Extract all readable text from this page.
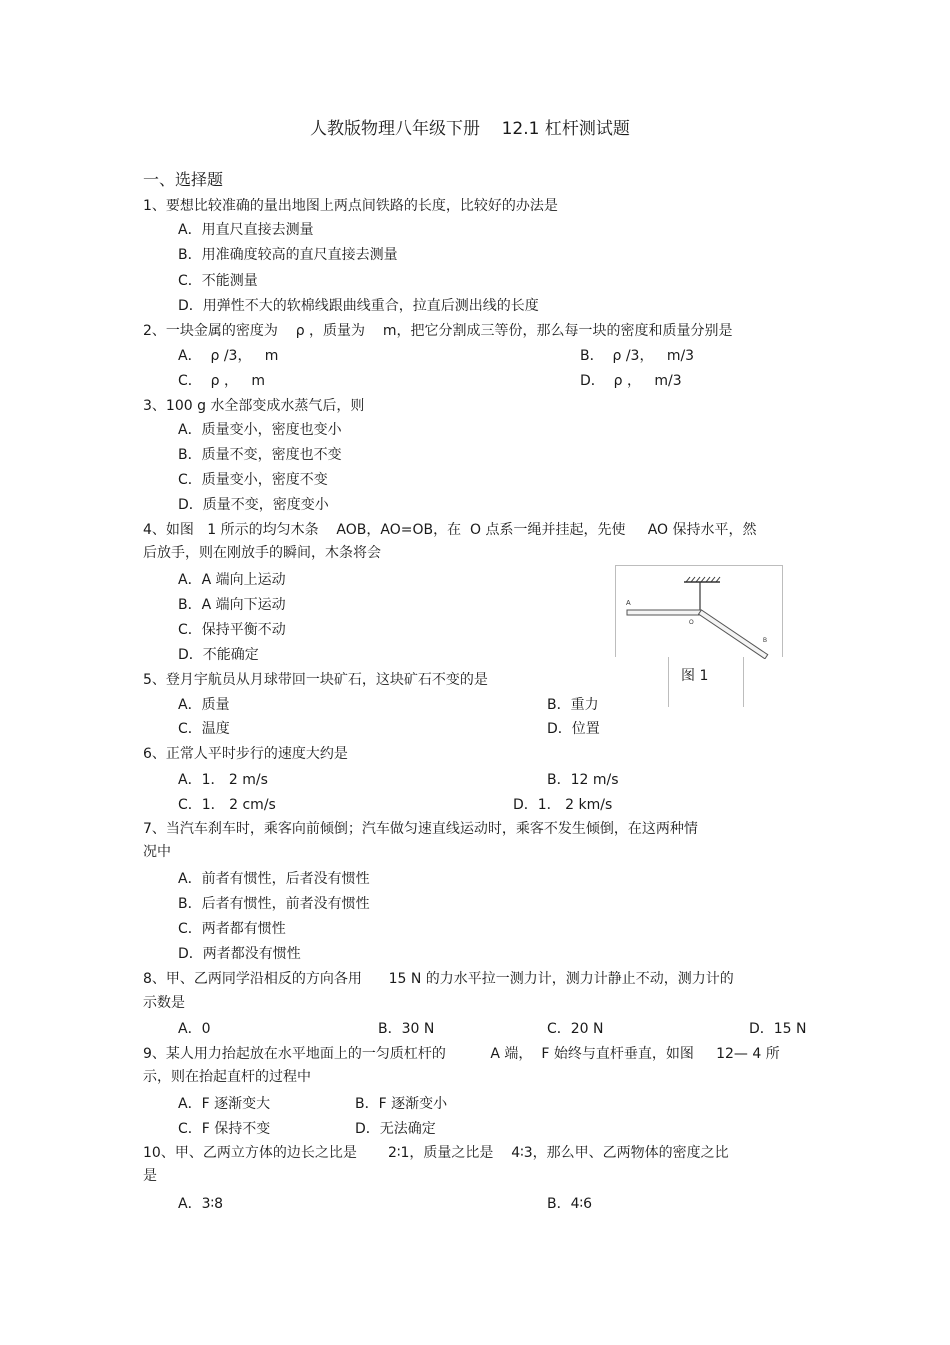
人教版物理八年级下册    12.1 杠杆测试题
一、选择题
1、要想比较准确的量出地图上两点间铁路的长度，比较好的办法是
A．用直尺直接去测量
B．用准确度较高的直尺直接去测量
C．不能测量
D．用弹性不大的软棉线跟曲线重合，拉直后测出线的长度
2、一块金属的密度为    ρ ，质量为    m，把它分割成三等份，那么每一块的密度和质量分别是
A．  ρ /3，   m	B．  ρ /3，   m/3
C．  ρ ，   m	D．  ρ ，   m/3
3、100 g 水全部变成水蒸气后，则
A．质量变小，密度也变小
B．质量不变，密度也不变
C．质量变小，密度不变
D．质量不变，密度变小
4、如图   1 所示的均匀木条    AOB，AO=OB，在  O 点系一绳并挂起，先使     AO 保持水平，然
后放手，则在刚放手的瞬间，木条将会
A．A 端向上运动
B．A 端向下运动
C．保持平衡不动
D．不能确定
A
O
B
图 1
5、登月宇航员从月球带回一块矿石，这块矿石不变的是
A．质量	B．重力
C．温度	D．位置
6、正常人平时步行的速度大约是
A．1． 2 m/s	B．12 m/s
C．1． 2 cm/s	D．1． 2 km/s
7、当汽车刹车时，乘客向前倾倒；汽车做匀速直线运动时，乘客不发生倾倒，在这两种情
况中
A．前者有惯性，后者没有惯性
B．后者有惯性，前者没有惯性
C．两者都有惯性
D．两者都没有惯性
8、甲、乙两同学沿相反的方向各用      15 N 的力水平拉一测力计，测力计静止不动，测力计的
示数是
A．0	B．30 N	C．20 N	D．15 N
9、某人用力抬起放在水平地面上的一匀质杠杆的          A 端，  F 始终与直杆垂直，如图     12— 4 所
示，则在抬起直杆的过程中
A．F 逐渐变大	B．F 逐渐变小
C．F 保持不变	D．无法确定
10、甲、乙两立方体的边长之比是       2∶1，质量之比是    4∶3，那么甲、乙两物体的密度之比
是
A．3∶8	B．4∶6
